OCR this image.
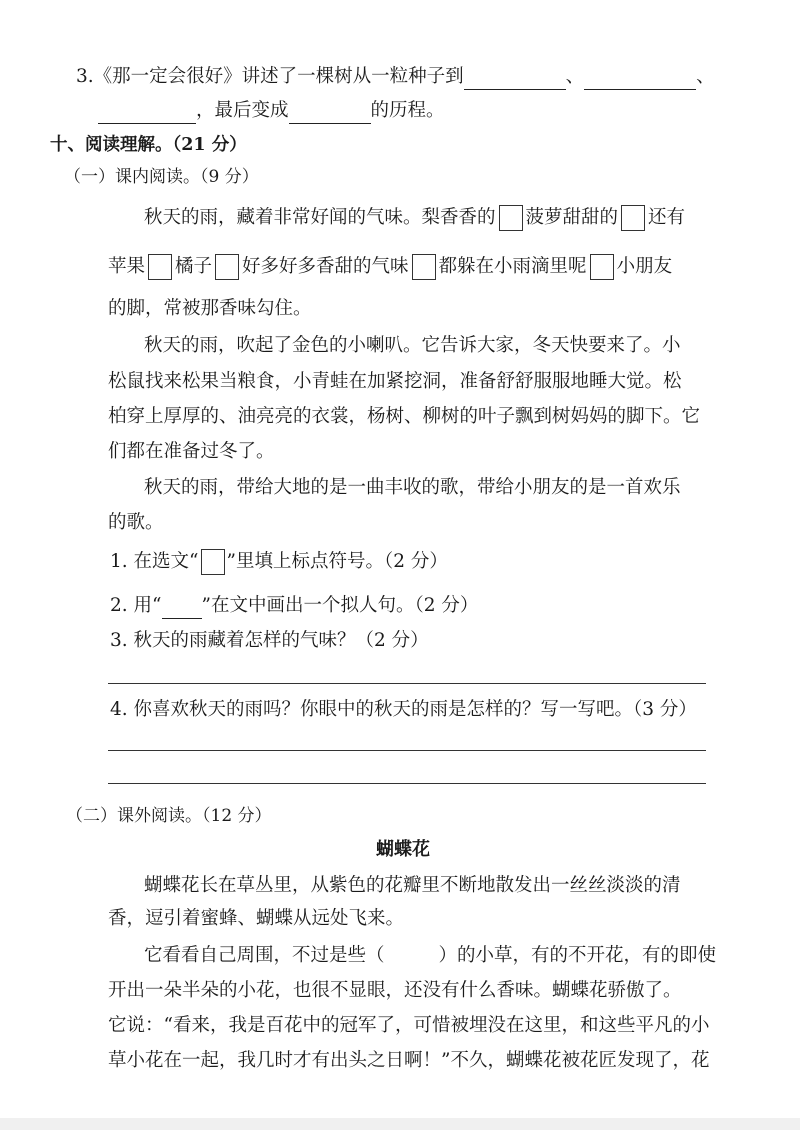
3.《那一定会很好》讲述了一棵树从一粒种子到	、	、
，最后变成	的历程。
十、阅读理解。（21 分）
（一）课内阅读。（9 分）
秋天的雨，藏着非常好闻的气味。梨香香的 菠萝甜甜的 还有
苹果 橘子 好多好多香甜的气味 都躲在小雨滴里呢 小朋友
的脚，常被那香味勾住。
秋天的雨，吹起了金色的小喇叭。它告诉大家，冬天快要来了。小
松鼠找来松果当粮食，小青蛙在加紧挖洞，准备舒舒服服地睡大觉。松
柏穿上厚厚的、油亮亮的衣裳，杨树、柳树的叶子飘到树妈妈的脚下。它
们都在准备过冬了。
秋天的雨，带给大地的是一曲丰收的歌，带给小朋友的是一首欢乐
的歌。
1. 在选文“ ”里填上标点符号。（2 分）
2. 用“ ”在文中画出一个拟人句。（2 分）
3. 秋天的雨藏着怎样的气味？（2 分）
4. 你喜欢秋天的雨吗？你眼中的秋天的雨是怎样的？写一写吧。（3 分）
（二）课外阅读。（12 分）
蝴蝶花
蝴蝶花长在草丛里，从紫色的花瓣里不断地散发出一丝丝淡淡的清
香，逗引着蜜蜂、蝴蝶从远处飞来。
它看看自己周围，不过是些（	）的小草，有的不开花，有的即使
开出一朵半朵的小花，也很不显眼，还没有什么香味。蝴蝶花骄傲了。
它说：“看来，我是百花中的冠军了，可惜被埋没在这里，和这些平凡的小
草小花在一起，我几时才有出头之日啊！”不久，蝴蝶花被花匠发现了，花
